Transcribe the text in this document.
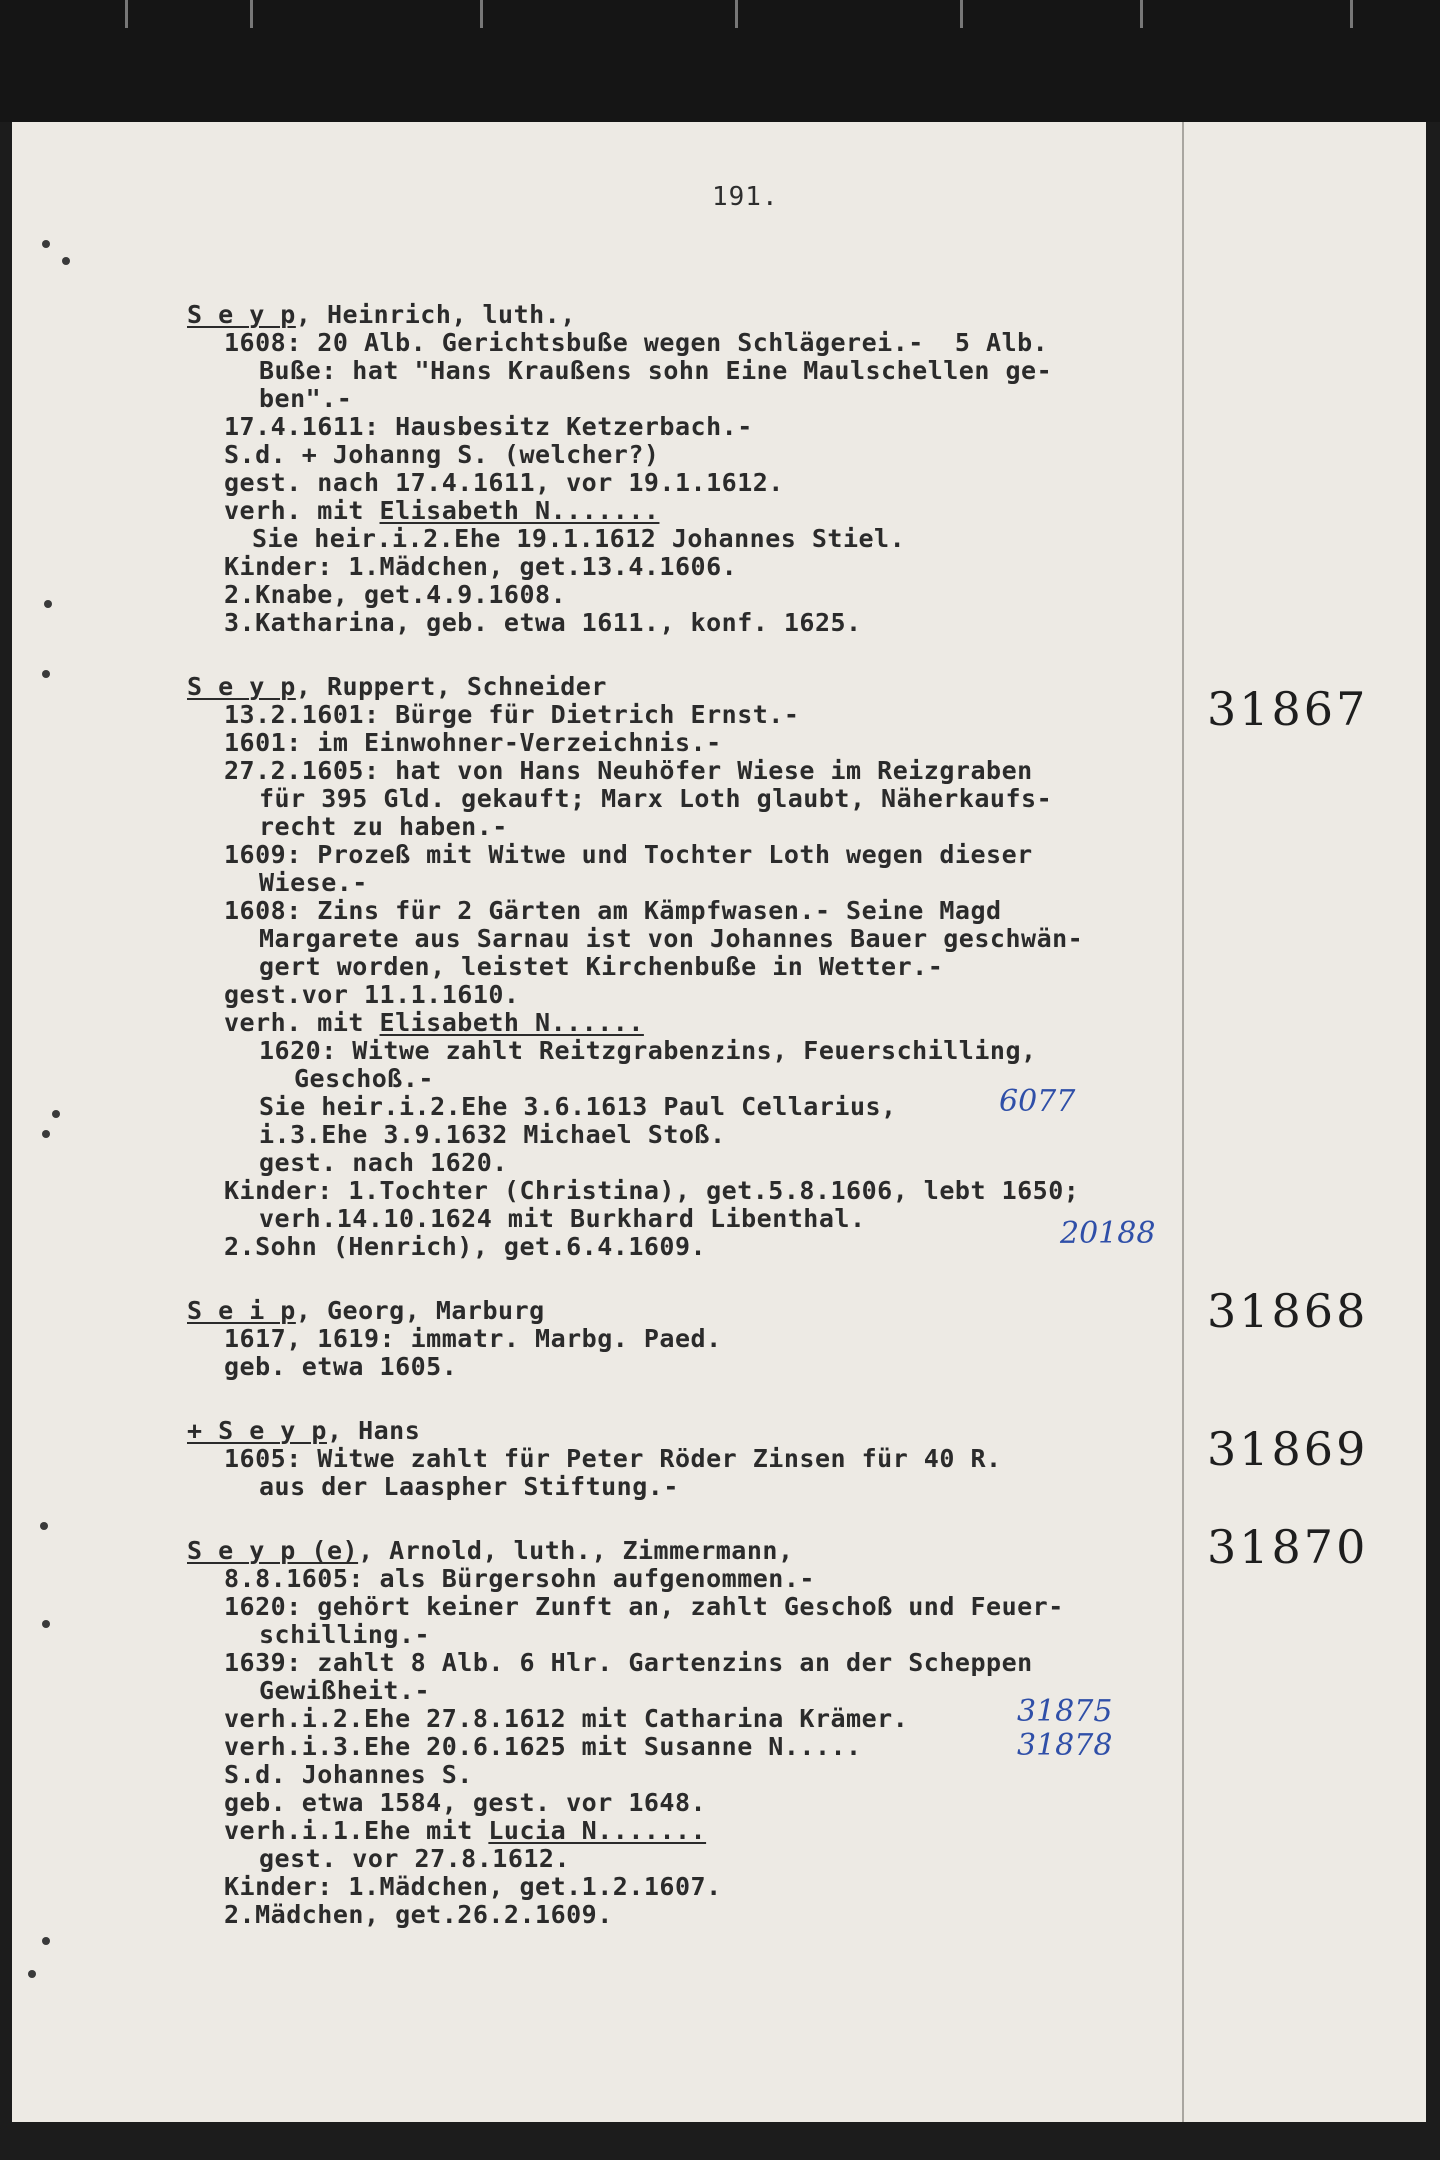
191.
S e y p, Heinrich, luth.,
1608: 20 Alb. Gerichtsbuße wegen Schlägerei.-  5 Alb.
Buße: hat "Hans Kraußens sohn Eine Maulschellen ge-
ben".-
17.4.1611: Hausbesitz Ketzerbach.-
S.d. + Johanng S. (welcher?)
gest. nach 17.4.1611, vor 19.1.1612.
verh. mit Elisabeth N.......
Sie heir.i.2.Ehe 19.1.1612 Johannes Stiel.
Kinder: 1.Mädchen, get.13.4.1606.
2.Knabe, get.4.9.1608.
3.Katharina, geb. etwa 1611., konf. 1625.
S e y p, Ruppert, Schneider
13.2.1601: Bürge für Dietrich Ernst.-
1601: im Einwohner-Verzeichnis.-
27.2.1605: hat von Hans Neuhöfer Wiese im Reizgraben
für 395 Gld. gekauft; Marx Loth glaubt, Näherkaufs-
recht zu haben.-
1609: Prozeß mit Witwe und Tochter Loth wegen dieser
Wiese.-
1608: Zins für 2 Gärten am Kämpfwasen.- Seine Magd
Margarete aus Sarnau ist von Johannes Bauer geschwän-
gert worden, leistet Kirchenbuße in Wetter.-
gest.vor 11.1.1610.
verh. mit Elisabeth N......
1620: Witwe zahlt Reitzgrabenzins, Feuerschilling,
Geschoß.-
Sie heir.i.2.Ehe 3.6.1613 Paul Cellarius,
i.3.Ehe 3.9.1632 Michael Stoß.
gest. nach 1620.
Kinder: 1.Tochter (Christina), get.5.8.1606, lebt 1650;
verh.14.10.1624 mit Burkhard Libenthal.
2.Sohn (Henrich), get.6.4.1609.
S e i p, Georg, Marburg
1617, 1619: immatr. Marbg. Paed.
geb. etwa 1605.
+ S e y p, Hans
1605: Witwe zahlt für Peter Röder Zinsen für 40 R.
aus der Laaspher Stiftung.-
S e y p (e), Arnold, luth., Zimmermann,
8.8.1605: als Bürgersohn aufgenommen.-
1620: gehört keiner Zunft an, zahlt Geschoß und Feuer-
schilling.-
1639: zahlt 8 Alb. 6 Hlr. Gartenzins an der Scheppen
Gewißheit.-
verh.i.2.Ehe 27.8.1612 mit Catharina Krämer.
verh.i.3.Ehe 20.6.1625 mit Susanne N.....
S.d. Johannes S.
geb. etwa 1584, gest. vor 1648.
verh.i.1.Ehe mit Lucia N.......
gest. vor 27.8.1612.
Kinder: 1.Mädchen, get.1.2.1607.
2.Mädchen, get.26.2.1609.
6077
20188
31875
31878
31867
31868
31869
31870
